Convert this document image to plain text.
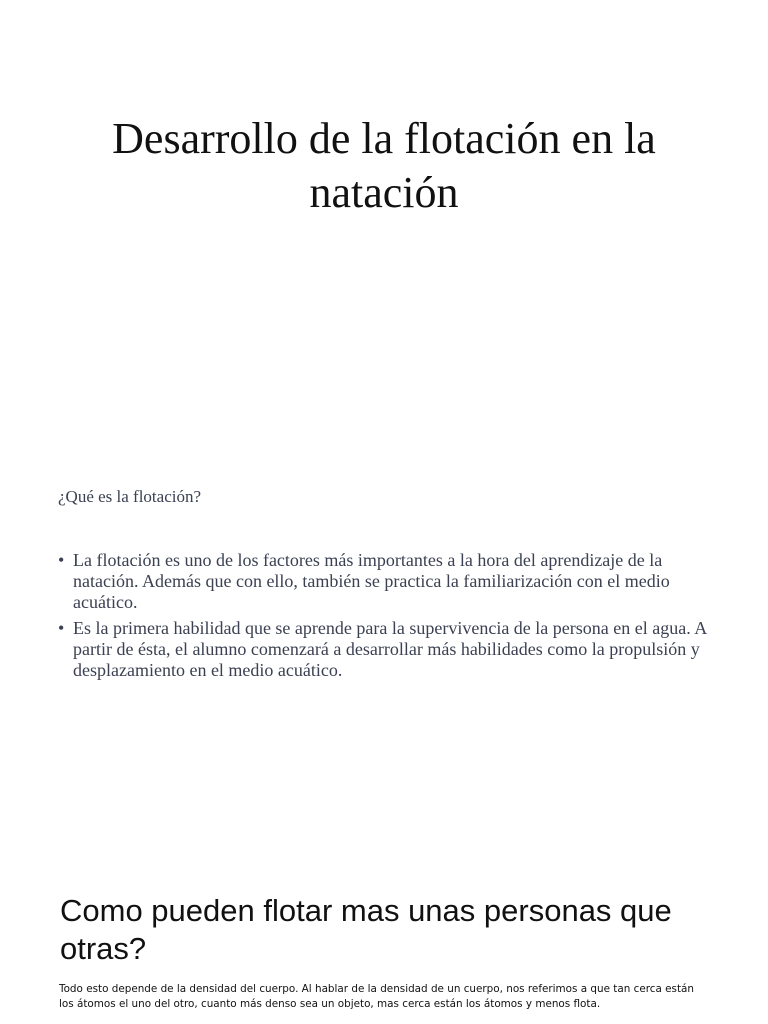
Desarrollo de la flotación en la natación
¿Qué es la flotación?
• La flotación es uno de los factores más importantes a la hora del aprendizaje de la natación. Además que con ello, también se practica la familiarización con el medio acuático.
• Es la primera habilidad que se aprende para la supervivencia de la persona en el agua. A partir de ésta, el alumno comenzará a desarrollar más habilidades como la propulsión y desplazamiento en el medio acuático.
Como pueden flotar mas unas personas que otras?

Todo esto depende de la densidad del cuerpo. Al hablar de la densidad de un cuerpo, nos referimos a que tan cerca están los átomos el uno del otro, cuanto más denso sea un objeto, mas cerca están los átomos y menos flota.
